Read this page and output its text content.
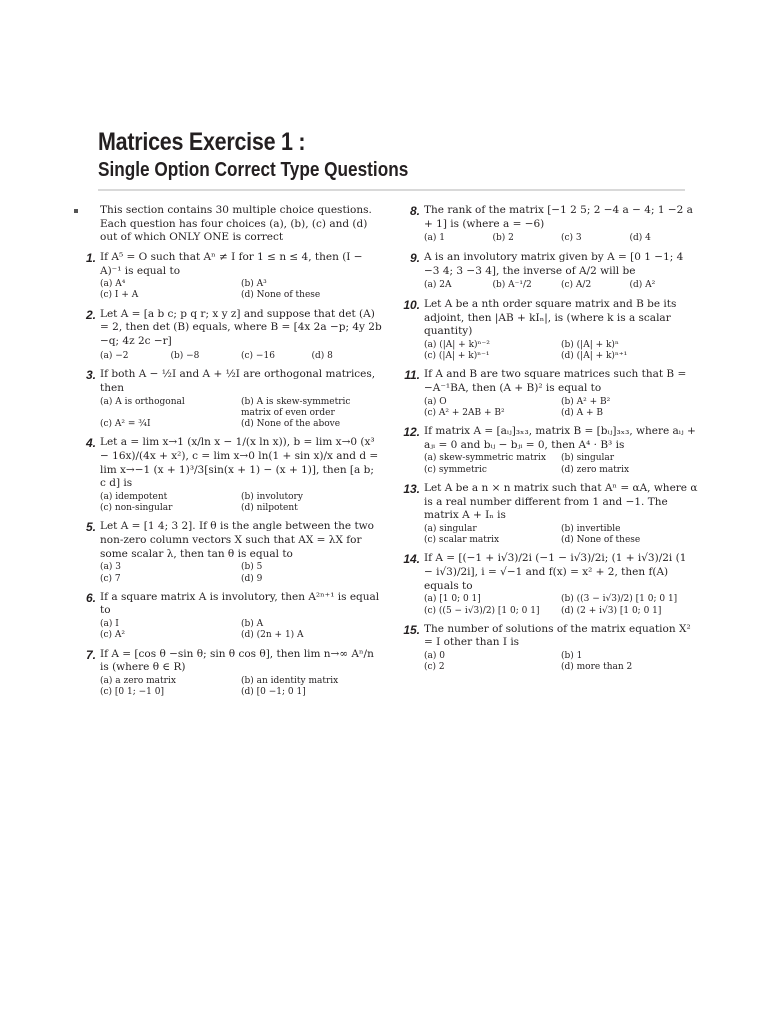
Matrices Exercise 1 :
Single Option Correct Type Questions
This section contains 30 multiple choice questions. Each question has four choices (a), (b), (c) and (d) out of which ONLY ONE is correct
1. If A⁵ = O such that Aⁿ ≠ I for 1 ≤ n ≤ 4, then (I − A)⁻¹ is equal to
(a) A⁴	(b) A³
(c) I + A	(d) None of these
2. Let A = [a b c; p q r; x y z] and suppose that det (A) = 2, then det (B) equals, where B = [4x 2a −p; 4y 2b −q; 4z 2c −r]
(a) −2	(b) −8	(c) −16	(d) 8
3. If both A − ½I and A + ½I are orthogonal matrices, then
(a) A is orthogonal	(b) A is skew-symmetric matrix of even order
(c) A² = ¾I	(d) None of the above
4. Let a = lim x→1 (x/ln x − 1/(x ln x)), b = lim x→0 (x³ − 16x)/(4x + x²), c = lim x→0 ln(1 + sin x)/x and d = lim x→−1 (x + 1)³/3[sin(x + 1) − (x + 1)], then [a b; c d] is
(a) idempotent	(b) involutory
(c) non-singular	(d) nilpotent
5. Let A = [1 4; 3 2]. If θ is the angle between the two non-zero column vectors X such that AX = λX for some scalar λ, then tan θ is equal to
(a) 3	(b) 5
(c) 7	(d) 9
6. If a square matrix A is involutory, then A²ⁿ⁺¹ is equal to
(a) I	(b) A
(c) A²	(d) (2n + 1) A
7. If A = [cos θ −sin θ; sin θ cos θ], then lim n→∞ Aⁿ/n is (where θ ∈ R)
(a) a zero matrix	(b) an identity matrix
(c) [0 1; −1 0]	(d) [0 −1; 0 1]
8. The rank of the matrix [−1 2 5; 2 −4 a − 4; 1 −2 a + 1] is (where a = −6)
(a) 1	(b) 2	(c) 3	(d) 4
9. A is an involutory matrix given by A = [0 1 −1; 4 −3 4; 3 −3 4], the inverse of A/2 will be
(a) 2A	(b) A⁻¹/2	(c) A/2	(d) A²
10. Let A be a nth order square matrix and B be its adjoint, then |AB + kIₙ|, is (where k is a scalar quantity)
(a) (|A| + k)ⁿ⁻²	(b) (|A| + k)ⁿ
(c) (|A| + k)ⁿ⁻¹	(d) (|A| + k)ⁿ⁺¹
11. If A and B are two square matrices such that B = −A⁻¹BA, then (A + B)² is equal to
(a) O	(b) A² + B²
(c) A² + 2AB + B²	(d) A + B
12. If matrix A = [aᵢⱼ]₃ₓ₃, matrix B = [bᵢⱼ]₃ₓ₃, where aᵢⱼ + aⱼᵢ = 0 and bᵢⱼ − bⱼᵢ = 0, then A⁴ · B³ is
(a) skew-symmetric matrix	(b) singular
(c) symmetric	(d) zero matrix
13. Let A be a n × n matrix such that Aⁿ = αA, where α is a real number different from 1 and −1. The matrix A + Iₙ is
(a) singular	(b) invertible
(c) scalar matrix	(d) None of these
14. If A = [(−1 + i√3)/2i (−1 − i√3)/2i; (1 + i√3)/2i (1 − i√3)/2i], i = √−1 and f(x) = x² + 2, then f(A) equals to
(a) [1 0; 0 1]	(b) ((3 − i√3)/2) [1 0; 0 1]
(c) ((5 − i√3)/2) [1 0; 0 1]	(d) (2 + i√3) [1 0; 0 1]
15. The number of solutions of the matrix equation X² = I other than I is
(a) 0	(b) 1
(c) 2	(d) more than 2
